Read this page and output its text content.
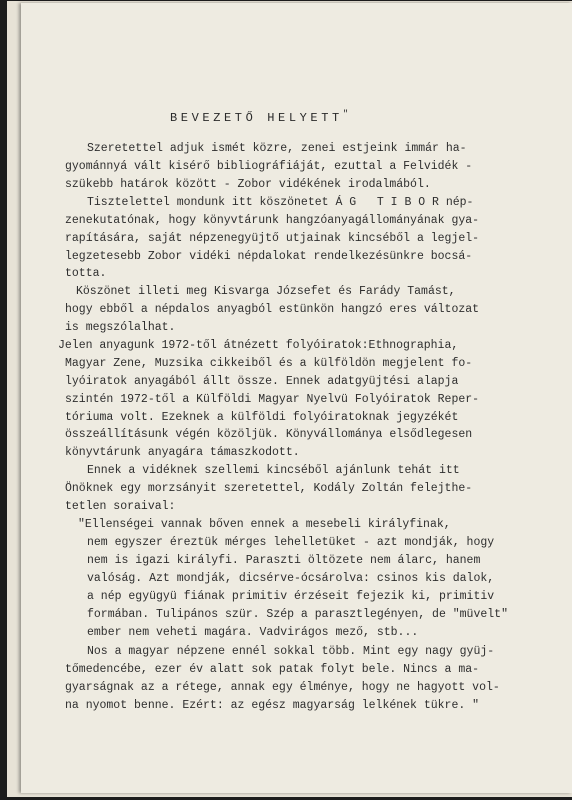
BEVEZETŐ HELYETT"

Szeretettel adjuk ismét közre, zenei estjeink immár ha-

gyománnyá vált kisérő bibliográfiáját, ezuttal a Felvidék -

szükebb határok között - Zobor vidékének irodalmából.

Tisztelettel mondunk itt köszönetet Á G   T I B O R nép-

zenekutatónak, hogy könyvtárunk hangzóanyagállományának gya-

rapítására, saját népzenegyüjtő utjainak kincséből a legjel-

legzetesebb Zobor vidéki népdalokat rendelkezésünkre bocsá-

totta.

Köszönet illeti meg Kisvarga Józsefet és Farády Tamást,

hogy ebből a népdalos anyagból estünkön hangzó eres változat

is megszólalhat.

Jelen anyagunk 1972-től átnézett folyóiratok:Ethnographia,

Magyar Zene, Muzsika cikkeiből és a külföldön megjelent fo-

lyóiratok anyagából állt össze. Ennek adatgyüjtési alapja

szintén 1972-től a Külföldi Magyar Nyelvü Folyóiratok Reper-

tóriuma volt. Ezeknek a külföldi folyóiratoknak jegyzékét

összeállításunk végén közöljük. Könyvállománya elsődlegesen

könyvtárunk anyagára támaszkodott.

Ennek a vidéknek szellemi kincséből ajánlunk tehát itt

Önöknek egy morzsányit szeretettel, Kodály Zoltán felejthe-

tetlen soraival:

"Ellenségei vannak bőven ennek a mesebeli királyfinak,

nem egyszer éreztük mérges lehelletüket - azt mondják, hogy

nem is igazi királyfi. Paraszti öltözete nem álarc, hanem

valóság. Azt mondják, dicsérve-ócsárolva: csinos kis dalok,

a nép együgyü fiának primitiv érzéseit fejezik ki, primitiv

formában. Tulipános szür. Szép a parasztlegényen, de "müvelt"

ember nem veheti magára. Vadvirágos mező, stb...

Nos a magyar népzene ennél sokkal több. Mint egy nagy gyüj-

tőmedencébe, ezer év alatt sok patak folyt bele. Nincs a ma-

gyarságnak az a rétege, annak egy élménye, hogy ne hagyott vol-

na nyomot benne. Ezért: az egész magyarság lelkének tükre. "
